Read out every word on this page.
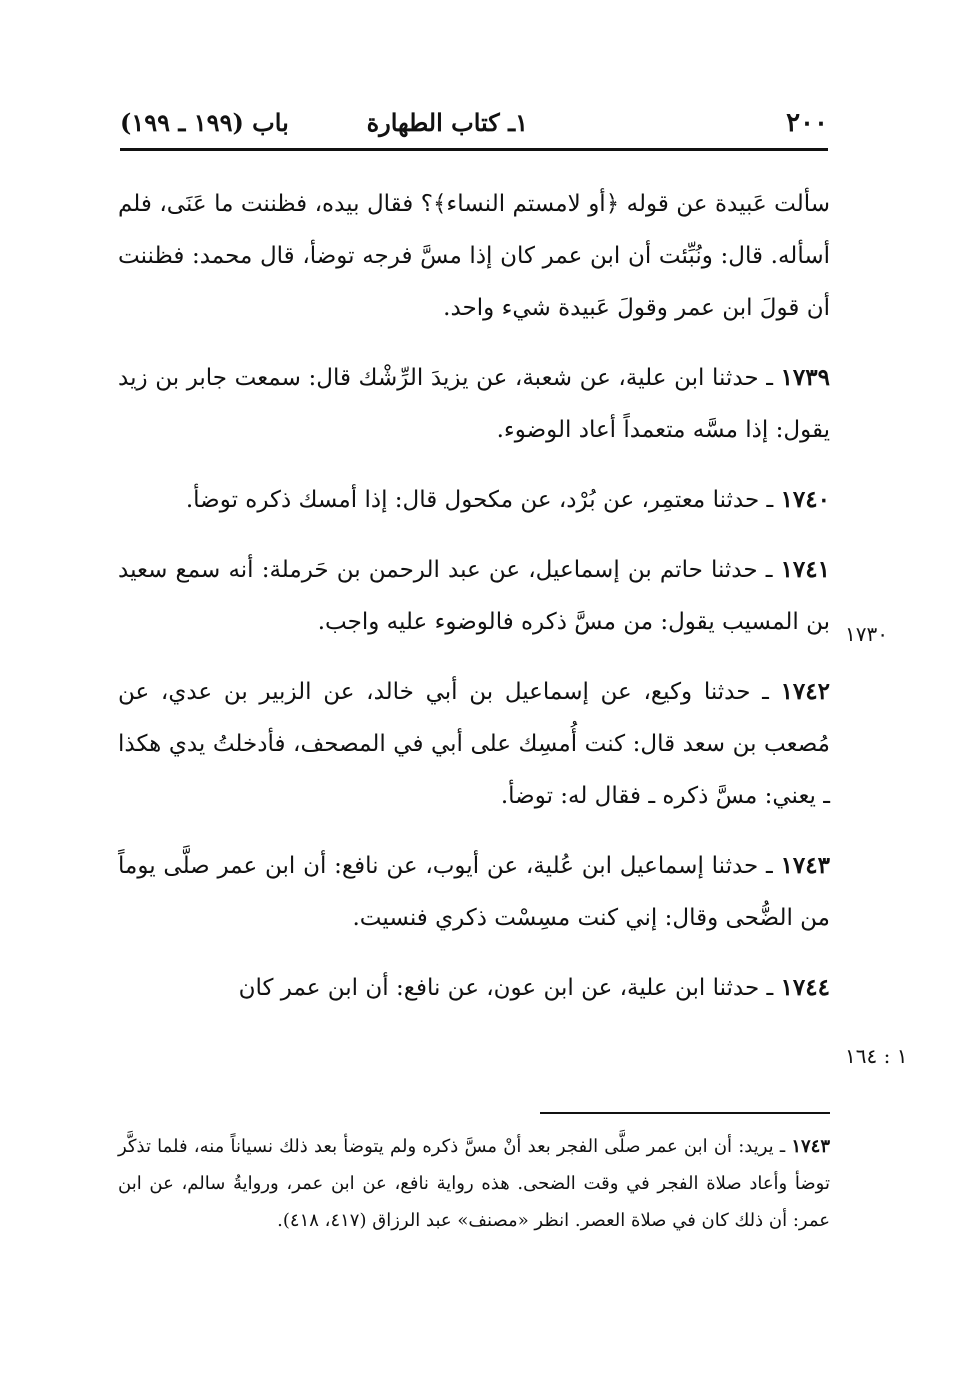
٢٠٠
١ـ كتاب الطهارة
باب (١٩٩ ـ ١٩٩)

سألت عَبيدة عن قوله ﴿أو لامستم النساء﴾؟ فقال بيده، فظننت ما عَنَى، فلم أسأله. قال: ونُبِّئت أن ابن عمر كان إذا مسَّ فرجه توضأ، قال محمد: فظننت أن قولَ ابن عمر وقولَ عَبيدة شيء واحد.

١٧٣٩ ـ حدثنا ابن علية، عن شعبة، عن يزيدَ الرِّشْك قال: سمعت جابر بن زيد يقول: إذا مسَّه متعمداً أعاد الوضوء.

١٧٤٠ ـ حدثنا معتمِر، عن بُرْد، عن مكحول قال: إذا أمسك ذكره توضأ.

١٧٤١ ـ حدثنا حاتم بن إسماعيل، عن عبد الرحمن بن حَرملة: أنه سمع سعيد بن المسيب يقول: من مسَّ ذكره فالوضوء عليه واجب.

١٧٤٢ ـ حدثنا وكيع، عن إسماعيل بن أبي خالد، عن الزبير بن عدي، عن مُصعب بن سعد قال: كنت أُمسِك على أبي في المصحف، فأدخلتُ يدي هكذا ـ يعني: مسَّ ذكره ـ فقال له: توضأ.

١٧٤٣ ـ حدثنا إسماعيل ابن عُلية، عن أيوب، عن نافع: أن ابن عمر صلَّى يوماً من الضُّحى وقال: إني كنت مسِسْت ذكري فنسيت.

١٧٤٤ ـ حدثنا ابن علية، عن ابن عون، عن نافع: أن ابن عمر كان

١٧٣٠
١ : ١٦٤
١٧٤٣ ـ يريد: أن ابن عمر صلَّى الفجر بعد أنْ مسَّ ذكره ولم يتوضأ بعد ذلك نسياناً منه، فلما تذكَّر توضأ وأعاد صلاة الفجر في وقت الضحى. هذه رواية نافع، عن ابن عمر، وروايةُ سالم، عن ابن عمر: أن ذلك كان في صلاة العصر. انظر «مصنف» عبد الرزاق (٤١٧، ٤١٨).
